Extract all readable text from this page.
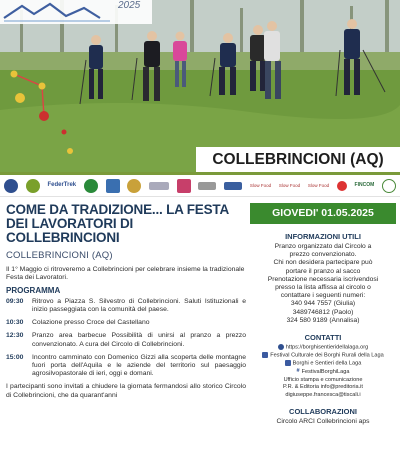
2025
COLLEBRINCIONI (AQ)
FederTrek	Slow Food Slow Food Slow Food	FINCOM
COME DA TRADIZIONE... LA FESTA DEI LAVORATORI DI COLLEBRINCIONI
COLLEBRINCIONI (AQ)
Il 1° Maggio ci ritroveremo a Collebrincioni per celebrare insieme la tradizionale Festa dei Lavoratori.
PROGRAMMA
09:30	Ritrovo a Piazza S. Silvestro di Collebrincioni. Saluti Istituzionali e inizio passeggiata con la comunità del paese.
10:30	Colazione presso Croce del Castellano
12:30	Pranzo area barbecue Possibilità di unirsi al pranzo a prezzo convenzionato. A cura del Circolo di Collebrincioni.
15:00	Incontro camminato con Domenico Gizzi alla scoperta delle montagne fuori porta dell'Aquila e le aziende del territorio sul paesaggio agrosilvopastorale di ieri, oggi e domani.
I partecipanti sono invitati a chiudere la giornata fermandosi allo storico Circolo di Collebrincioni, che da quarant'anni
GIOVEDI' 01.05.2025
INFORMAZIONI UTILI
Pranzo organizzato dal Circolo a
prezzo convenzionato.
Chi non desidera partecipare può
portare il pranzo al sacco
Prenotazione necessaria iscrivendosi
presso la lista affissa al circolo o
contattare i seguenti numeri:
340 944 7557 (Giulia)
3489746812 (Paolo)
324 580 9189 (Annalisa)
CONTATTI
https://borghisentieridellalaga.org
Festival Culturale dei Borghi Rurali della Laga
Borghi e Sentieri della Laga
# FestivalBorghiLaga
Ufficio stampa e comunicazione
P.R. & Editoria info@preditoria.it
digiuseppe.francesca@tiscali.i
COLLABORAZIONI
Circolo ARCI Collebrincioni aps
